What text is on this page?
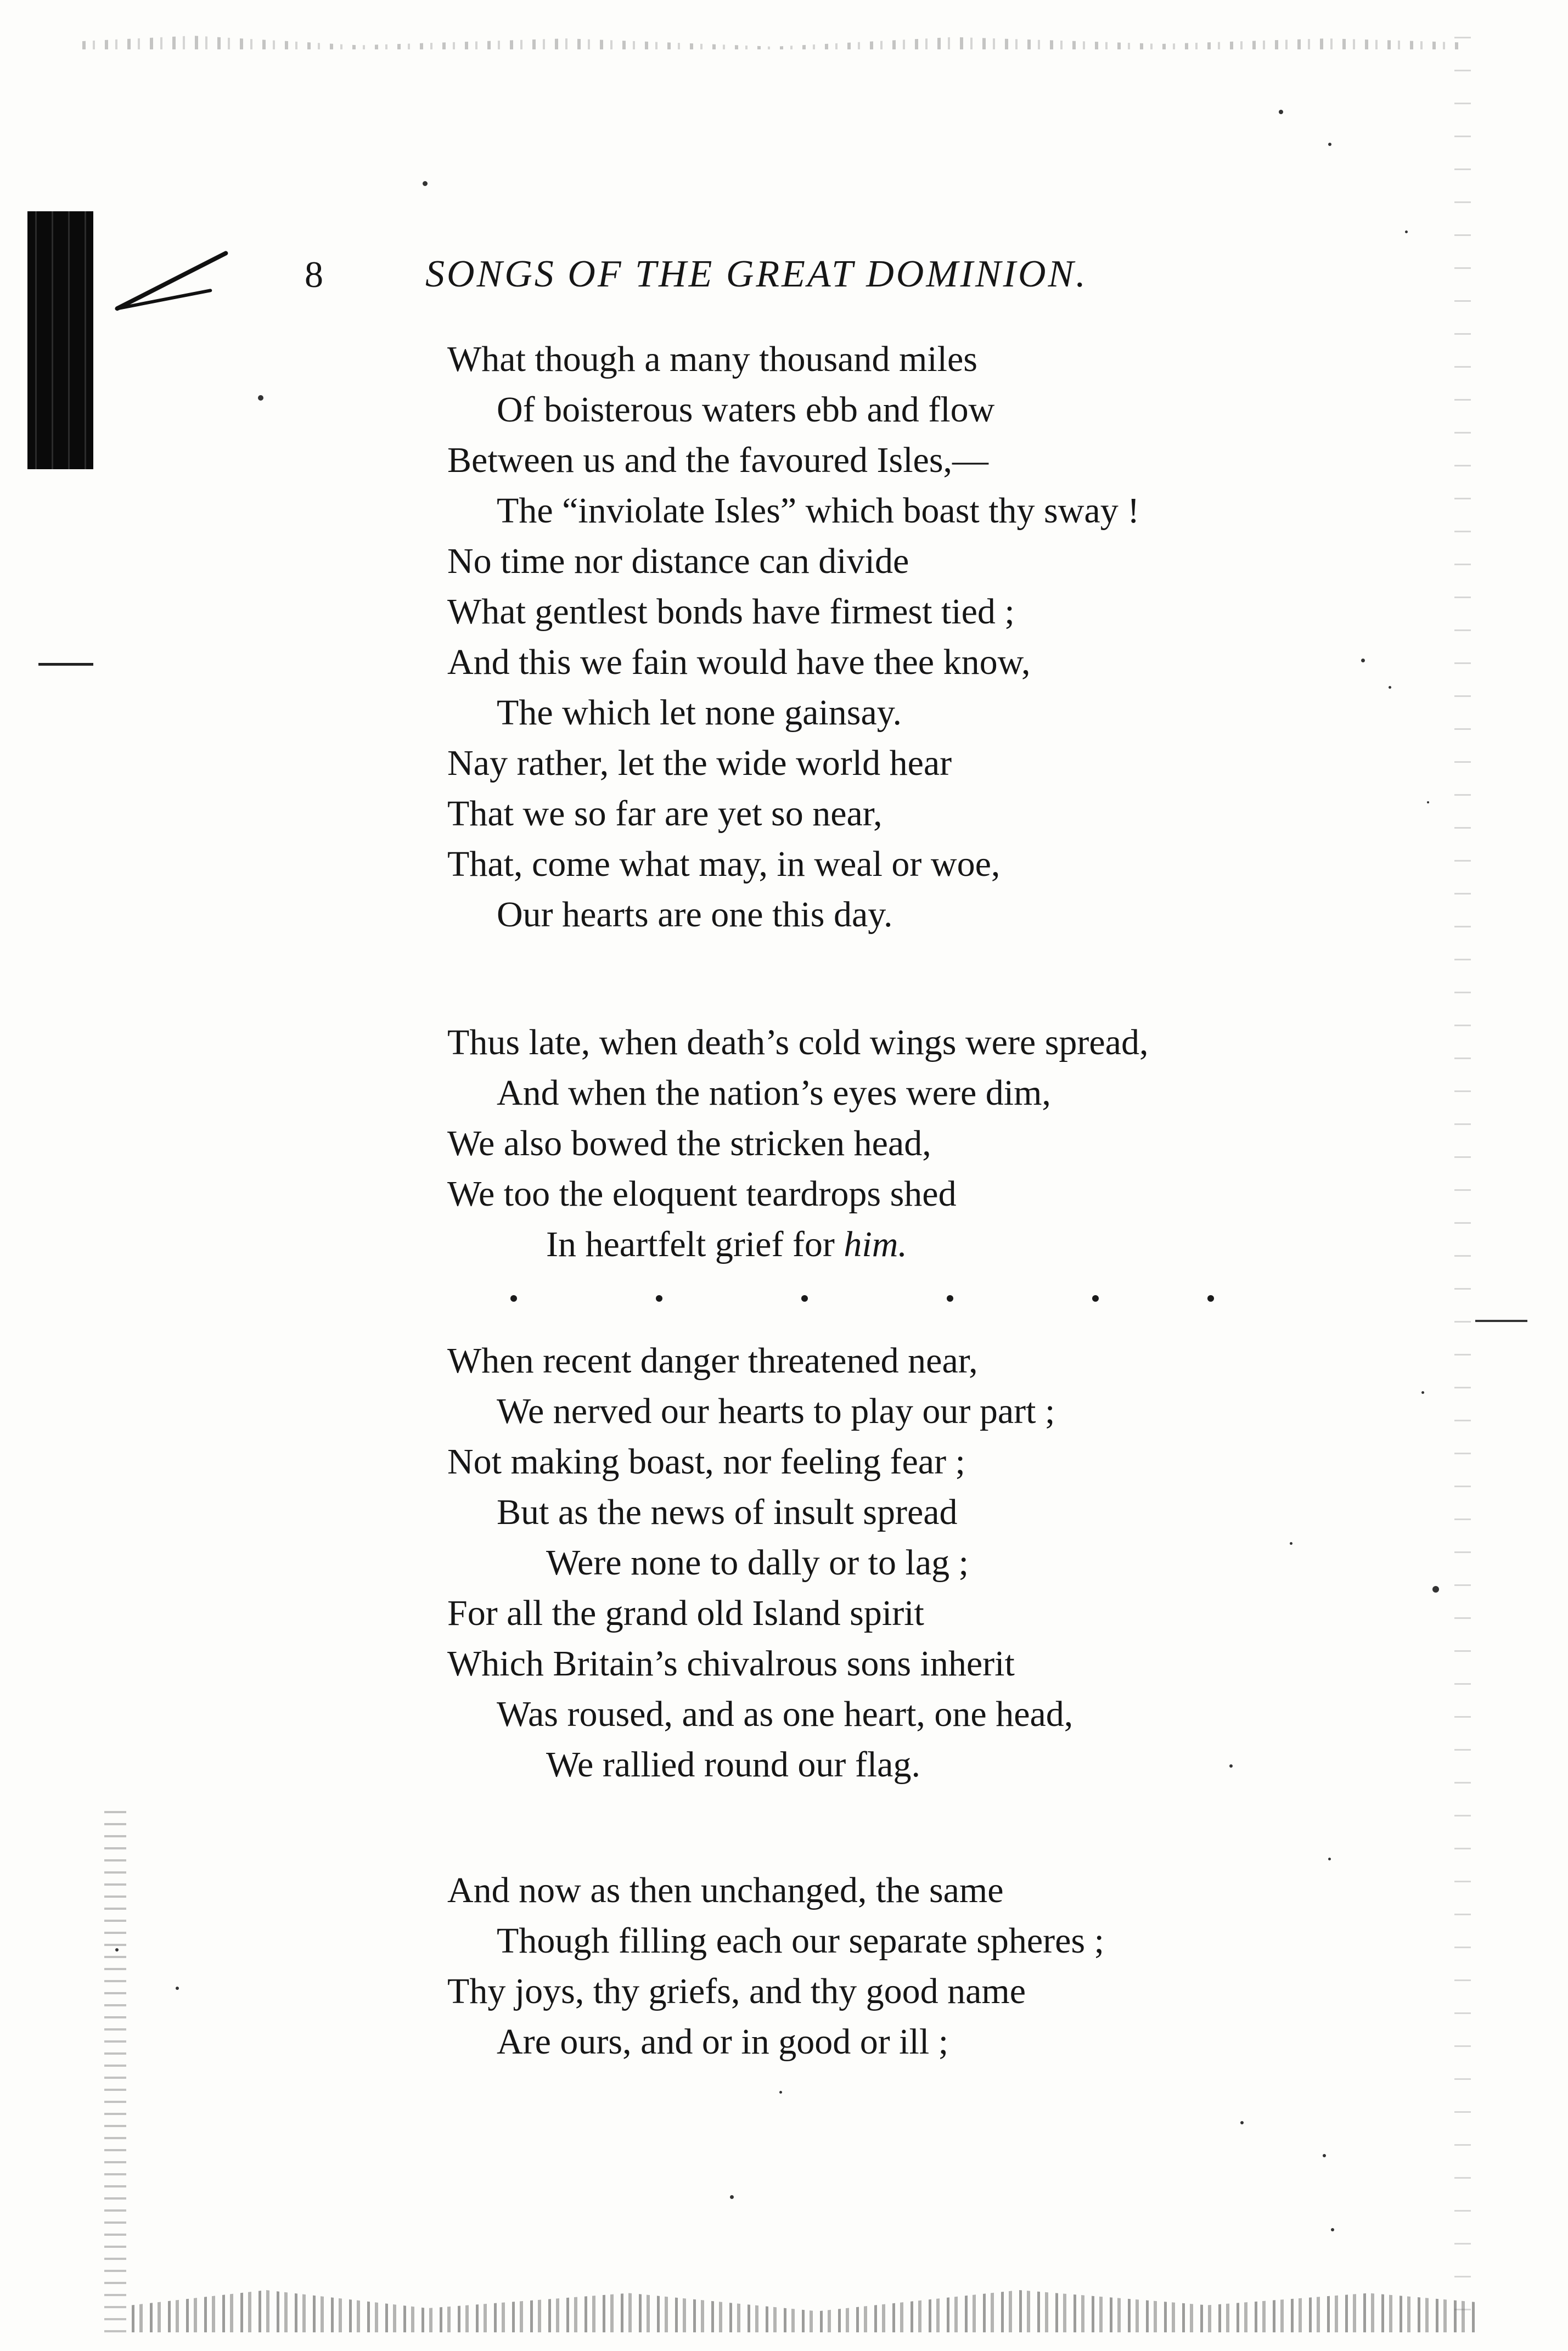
8	SONGS OF THE GREAT DOMINION.
What though a many thousand miles
Of boisterous waters ebb and flow
Between us and the favoured Isles,—
The “inviolate Isles” which boast thy sway !
No time nor distance can divide
What gentlest bonds have firmest tied ;
And this we fain would have thee know,
The which let none gainsay.
Nay rather, let the wide world hear
That we so far are yet so near,
That, come what may, in weal or woe,
Our hearts are one this day.
Thus late, when death’s cold wings were spread,
And when the nation’s eyes were dim,
We also bowed the stricken head,
We too the eloquent teardrops shed
In heartfelt grief for him.
When recent danger threatened near,
We nerved our hearts to play our part ;
Not making boast, nor feeling fear ;
But as the news of insult spread
Were none to dally or to lag ;
For all the grand old Island spirit
Which Britain’s chivalrous sons inherit
Was roused, and as one heart, one head,
We rallied round our flag.
And now as then unchanged, the same
Though filling each our separate spheres ;
Thy joys, thy griefs, and thy good name
Are ours, and or in good or ill ;
